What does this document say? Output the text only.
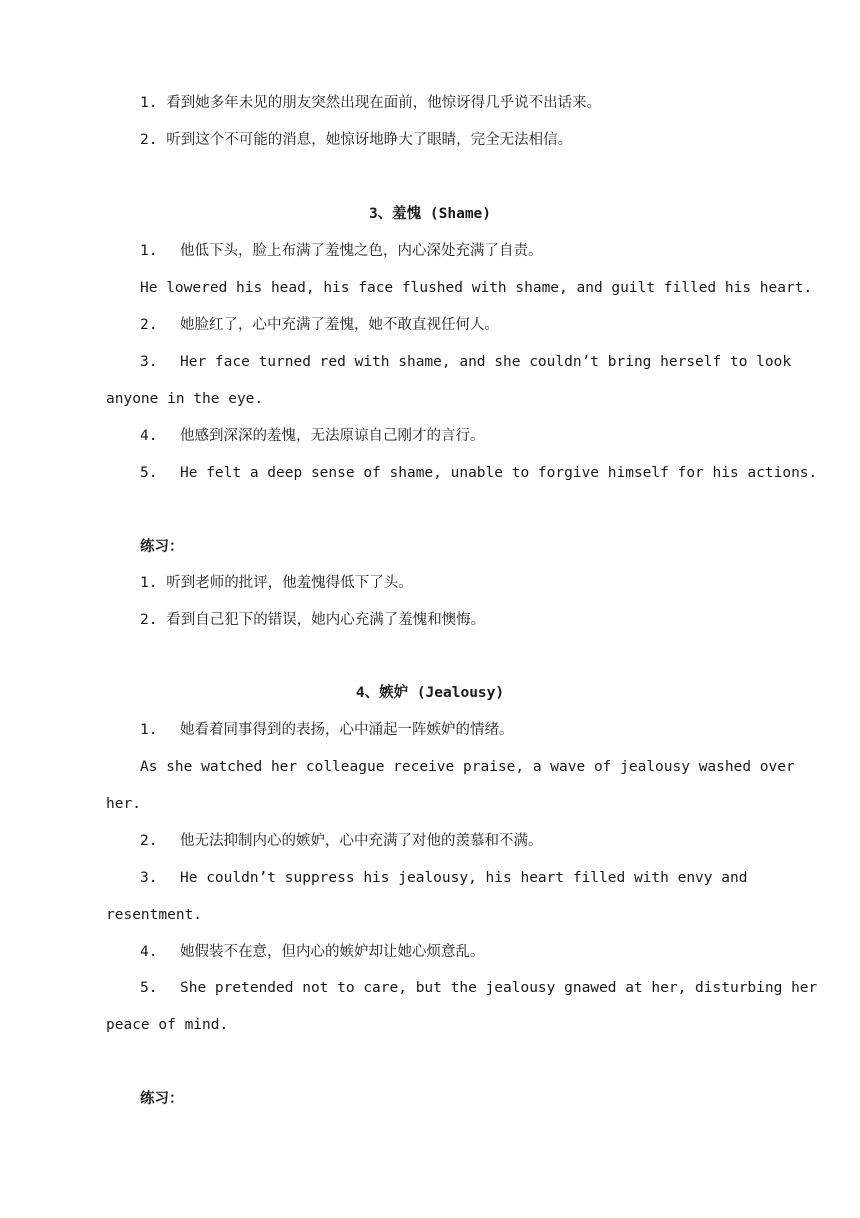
1. 看到她多年未见的朋友突然出现在面前，他惊讶得几乎说不出话来。
2. 听到这个不可能的消息，她惊讶地睁大了眼睛，完全无法相信。
3、羞愧 (Shame)
1. 他低下头，脸上布满了羞愧之色，内心深处充满了自责。
He lowered his head, his face flushed with shame, and guilt filled his heart.
2. 她脸红了，心中充满了羞愧，她不敢直视任何人。
3. Her face turned red with shame, and she couldn’t bring herself to look
anyone in the eye.
4. 他感到深深的羞愧，无法原谅自己刚才的言行。
5. He felt a deep sense of shame, unable to forgive himself for his actions.
练习：
1. 听到老师的批评，他羞愧得低下了头。
2. 看到自己犯下的错误，她内心充满了羞愧和懊悔。
4、嫉妒 (Jealousy)
1. 她看着同事得到的表扬，心中涌起一阵嫉妒的情绪。
As she watched her colleague receive praise, a wave of jealousy washed over
her.
2. 他无法抑制内心的嫉妒，心中充满了对他的羡慕和不满。
3. He couldn’t suppress his jealousy, his heart filled with envy and
resentment.
4. 她假装不在意，但内心的嫉妒却让她心烦意乱。
5. She pretended not to care, but the jealousy gnawed at her, disturbing her
peace of mind.
练习：
